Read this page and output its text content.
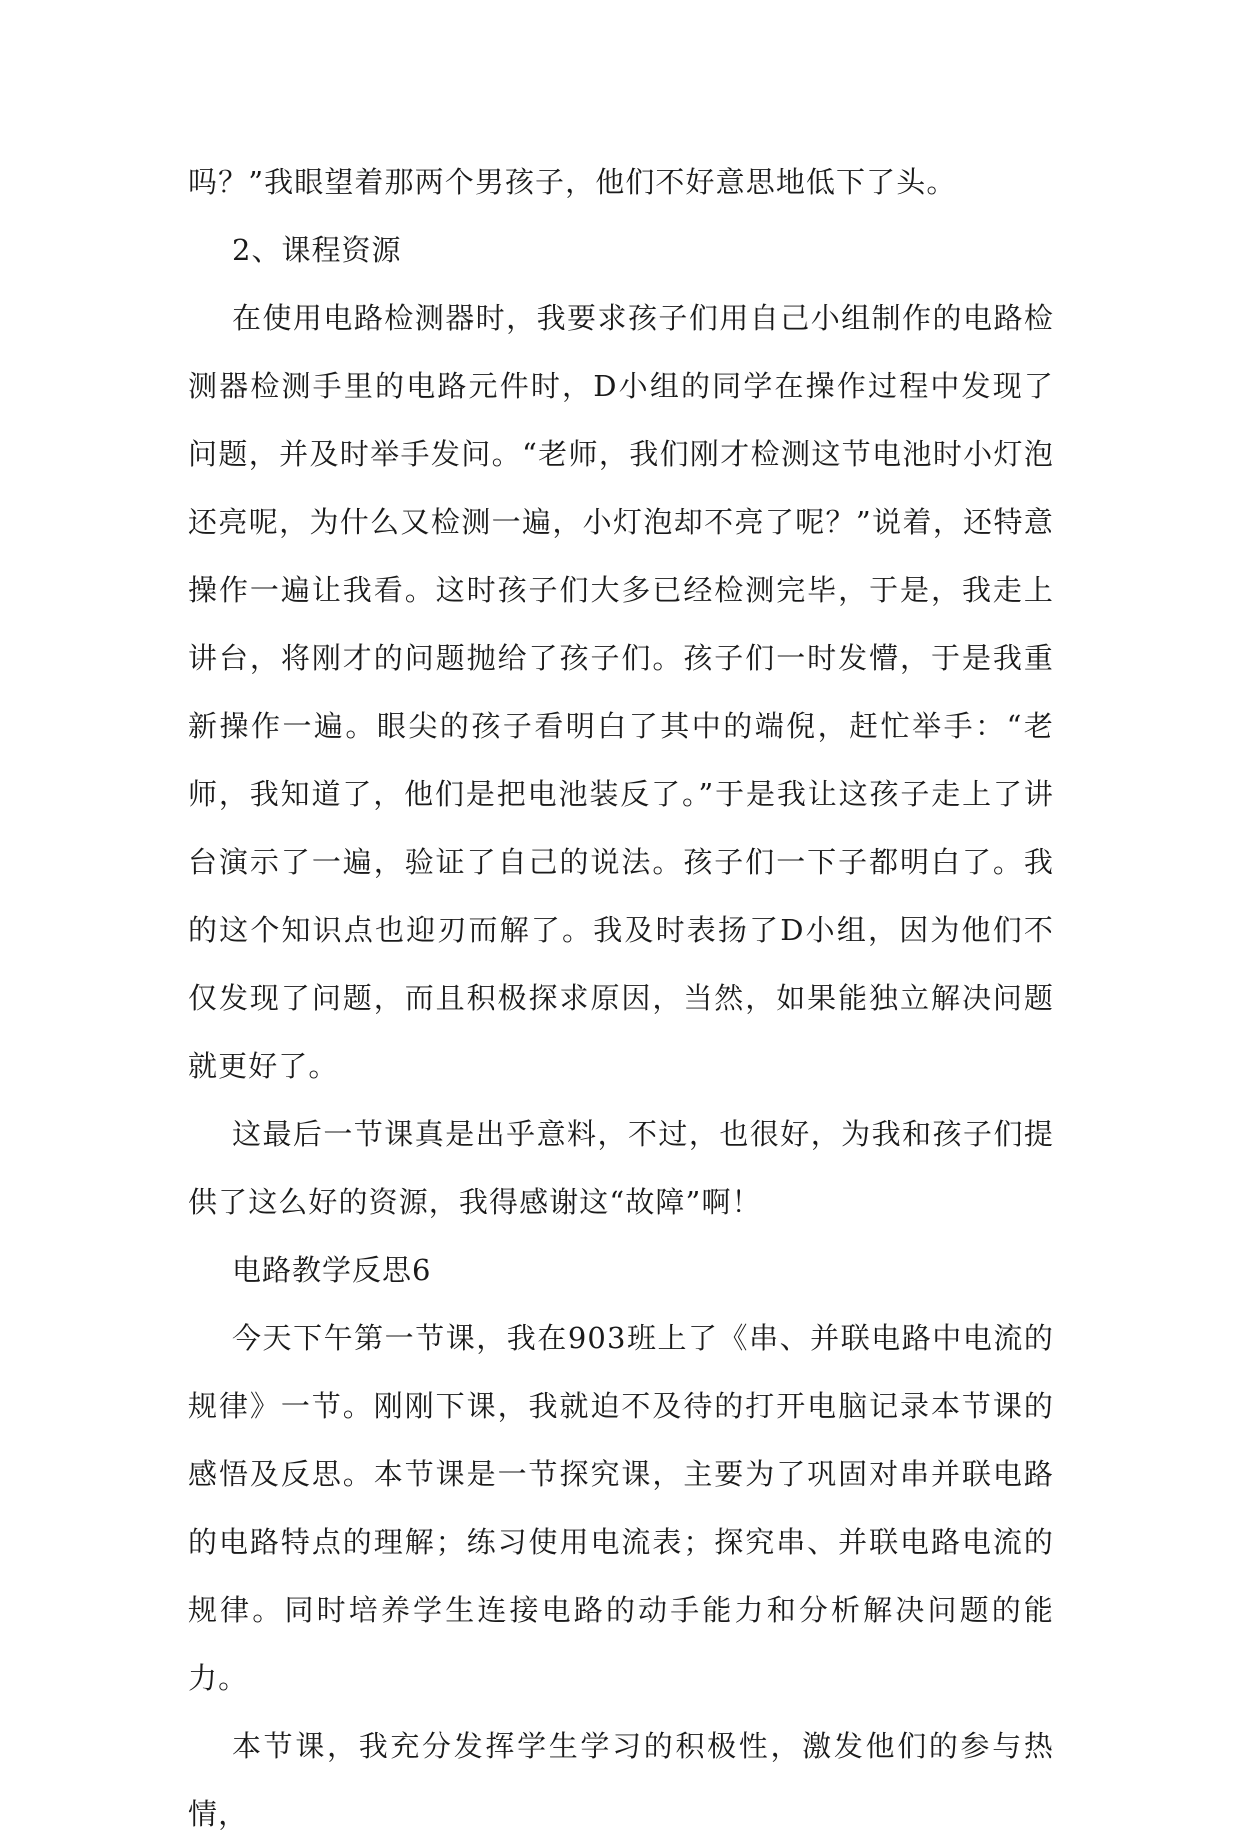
吗？”我眼望着那两个男孩子，他们不好意思地低下了头。

2、课程资源

在使用电路检测器时，我要求孩子们用自己小组制作的电路检测器检测手里的电路元件时，D小组的同学在操作过程中发现了问题，并及时举手发问。“老师，我们刚才检测这节电池时小灯泡还亮呢，为什么又检测一遍，小灯泡却不亮了呢？”说着，还特意操作一遍让我看。这时孩子们大多已经检测完毕，于是，我走上讲台，将刚才的问题抛给了孩子们。孩子们一时发懵，于是我重新操作一遍。眼尖的孩子看明白了其中的端倪，赶忙举手：“老师，我知道了，他们是把电池装反了。”于是我让这孩子走上了讲台演示了一遍，验证了自己的说法。孩子们一下子都明白了。我的这个知识点也迎刃而解了。我及时表扬了D小组，因为他们不仅发现了问题，而且积极探求原因，当然，如果能独立解决问题就更好了。

这最后一节课真是出乎意料，不过，也很好，为我和孩子们提供了这么好的资源，我得感谢这“故障”啊！

电路教学反思6

今天下午第一节课，我在903班上了《串、并联电路中电流的规律》一节。刚刚下课，我就迫不及待的打开电脑记录本节课的感悟及反思。本节课是一节探究课，主要为了巩固对串并联电路的电路特点的理解；练习使用电流表；探究串、并联电路电流的规律。同时培养学生连接电路的动手能力和分析解决问题的能力。

本节课，我充分发挥学生学习的积极性，激发他们的参与热情，
